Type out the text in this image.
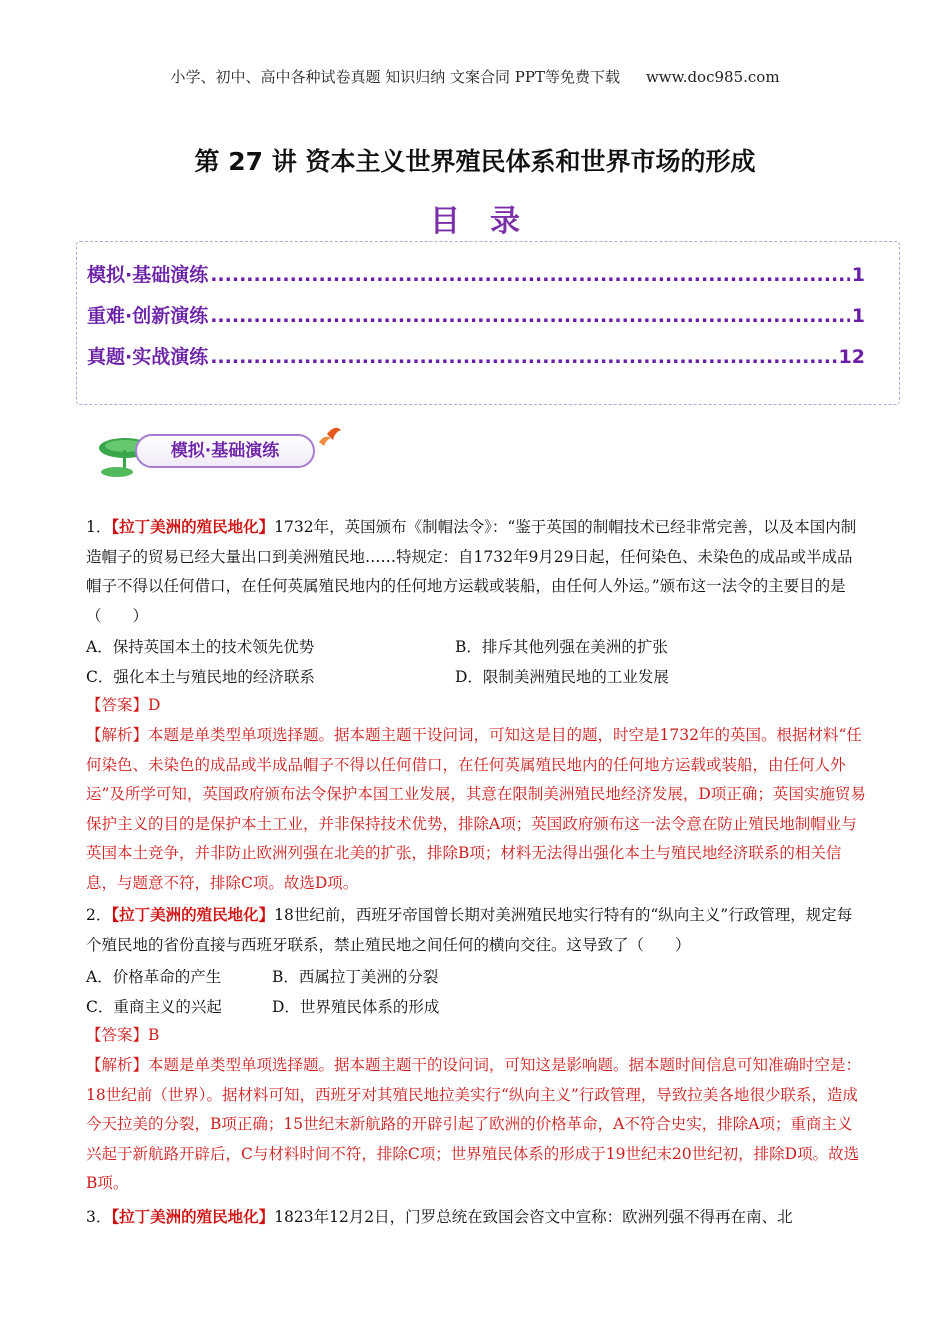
小学、初中、高中各种试卷真题 知识归纳 文案合同 PPT等免费下载 www.doc985.com
第 27 讲 资本主义世界殖民体系和世界市场的形成
目录
模拟·基础演练 .....	1
重难·创新演练 .....	1
真题·实战演练 .....	12
模拟·基础演练
1．【拉丁美洲的殖民地化】1732年，英国颁布《制帽法令》：“鉴于英国的制帽技术已经非常完善，以及本国内制造帽子的贸易已经大量出口到美洲殖民地……特规定：自1732年9月29日起，任何染色、未染色的成品或半成品帽子不得以任何借口，在任何英属殖民地内的任何地方运载或装船，由任何人外运。”颁布这一法令的主要目的是（　　）
A．保持英国本土的技术领先优势	B．排斥其他列强在美洲的扩张
C．强化本土与殖民地的经济联系	D．限制美洲殖民地的工业发展
【答案】D
【解析】本题是单类型单项选择题。据本题主题干设问词，可知这是目的题，时空是1732年的英国。根据材料“任何染色、未染色的成品或半成品帽子不得以任何借口，在任何英属殖民地内的任何地方运载或装船，由任何人外运”及所学可知，英国政府颁布法令保护本国工业发展，其意在限制美洲殖民地经济发展，D项正确；英国实施贸易保护主义的目的是保护本土工业，并非保持技术优势，排除A项；英国政府颁布这一法令意在防止殖民地制帽业与英国本土竞争，并非防止欧洲列强在北美的扩张，排除B项；材料无法得出强化本土与殖民地经济联系的相关信息，与题意不符，排除C项。故选D项。
2．【拉丁美洲的殖民地化】18世纪前，西班牙帝国曾长期对美洲殖民地实行特有的“纵向主义”行政管理，规定每个殖民地的省份直接与西班牙联系，禁止殖民地之间任何的横向交往。这导致了（　　）
A．价格革命的产生	B．西属拉丁美洲的分裂
C．重商主义的兴起	D．世界殖民体系的形成
【答案】B
【解析】本题是单类型单项选择题。据本题主题干的设问词，可知这是影响题。据本题时间信息可知准确时空是：18世纪前（世界）。据材料可知，西班牙对其殖民地拉美实行“纵向主义”行政管理，导致拉美各地很少联系，造成今天拉美的分裂，B项正确；15世纪末新航路的开辟引起了欧洲的价格革命，A不符合史实，排除A项；重商主义兴起于新航路开辟后，C与材料时间不符，排除C项；世界殖民体系的形成于19世纪末20世纪初，排除D项。故选B项。
3．【拉丁美洲的殖民地化】1823年12月2日，门罗总统在致国会咨文中宣称：欧洲列强不得再在南、北
